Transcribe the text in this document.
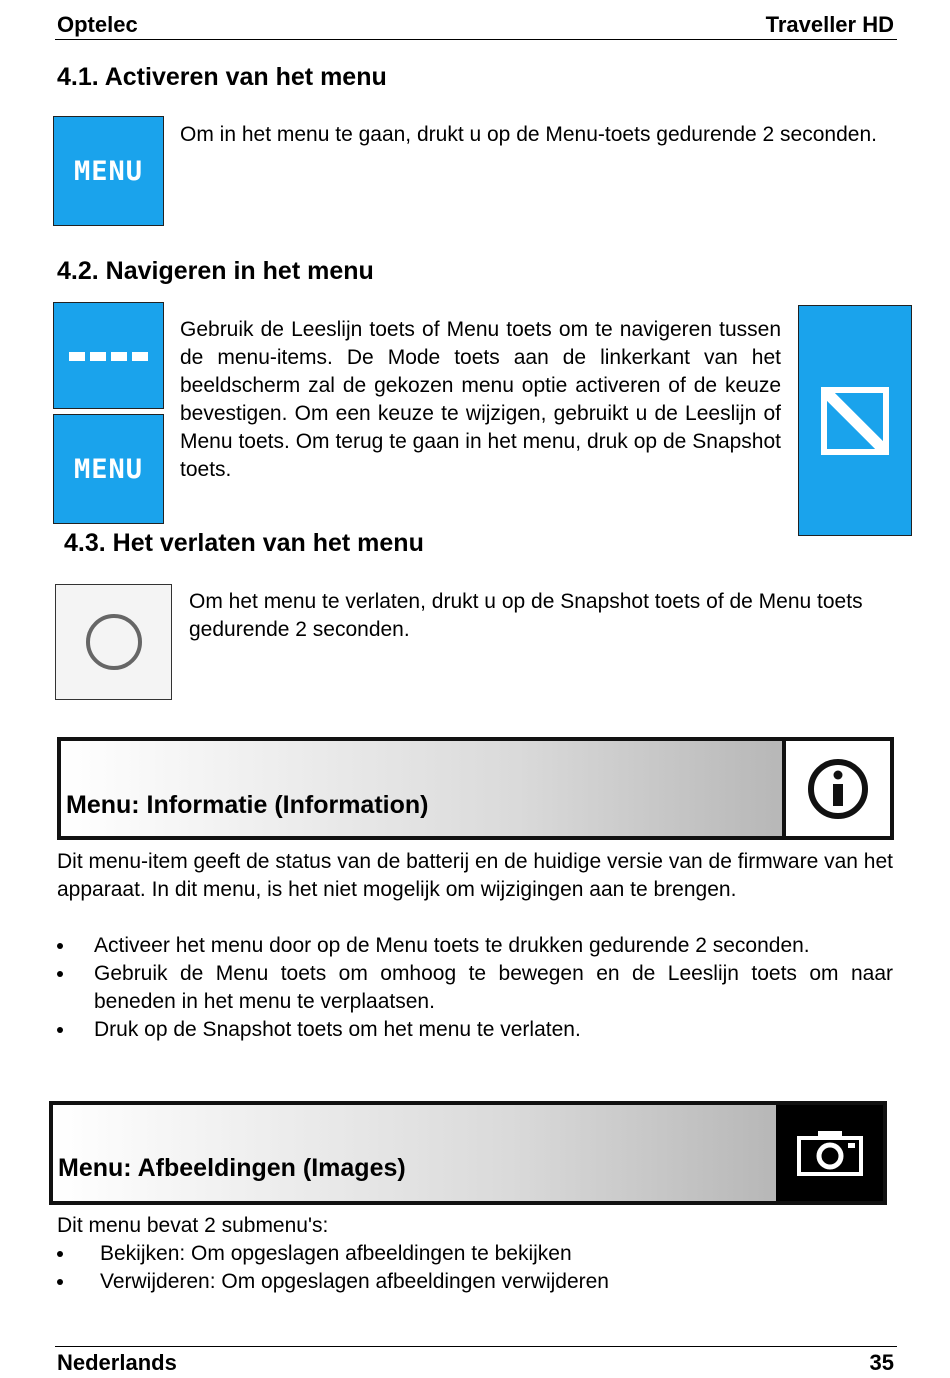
Optelec	Traveller HD
4.1. Activeren van het menu
MENU
Om in het menu te gaan, drukt u op de Menu-toets gedurende 2 seconden.
4.2. Navigeren in het menu
MENU
Gebruik de Leeslijn toets of Menu toets om te navigeren tussen de menu-items. De Mode toets aan de linkerkant van het beeldscherm zal de gekozen menu optie activeren of de keuze bevestigen. Om een keuze te wijzigen, gebruikt u de Leeslijn of Menu toets. Om terug te gaan in het menu, druk op de Snapshot toets.
4.3. Het verlaten van het menu
Om het menu te verlaten, drukt u op de Snapshot toets of de Menu toets gedurende 2 seconden.
Menu: Informatie (Information)
Dit menu-item geeft de status van de batterij en de huidige versie van de firmware van het apparaat. In dit menu, is het niet mogelijk om wijzigingen aan te brengen.
Activeer het menu door op de Menu toets te drukken gedurende 2 seconden.
Gebruik de Menu toets om omhoog te bewegen en de Leeslijn toets om naar beneden in het menu te verplaatsen.
Druk op de Snapshot toets om het menu te verlaten.
Menu: Afbeeldingen (Images)
Dit menu bevat 2 submenu's:
Bekijken: Om opgeslagen afbeeldingen te bekijken
Verwijderen: Om opgeslagen afbeeldingen verwijderen
Nederlands	35
